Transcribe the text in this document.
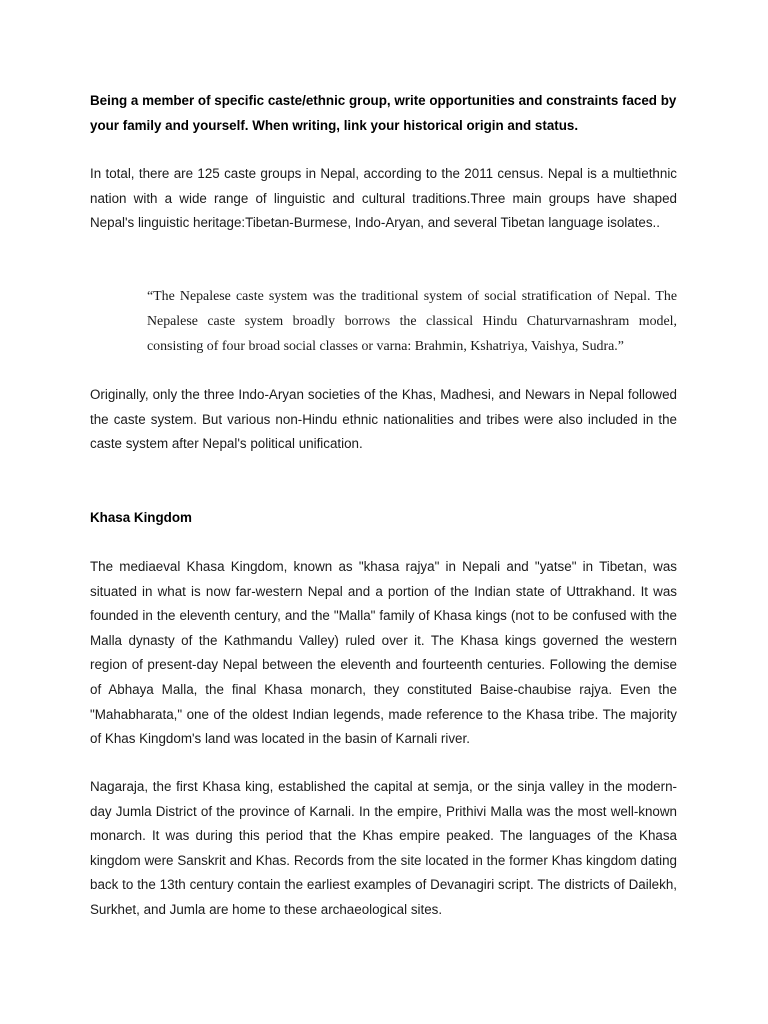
Being a member of specific caste/ethnic group, write opportunities and constraints faced by your family and yourself. When writing, link your historical origin and status.

In total, there are 125 caste groups in Nepal, according to the 2011 census. Nepal is a multiethnic nation with a wide range of linguistic and cultural traditions.Three main groups have shaped Nepal's linguistic heritage:Tibetan-Burmese, Indo-Aryan, and several Tibetan language isolates..

“The Nepalese caste system was the traditional system of social stratification of Nepal. The Nepalese caste system broadly borrows the classical Hindu Chaturvarnashram model, consisting of four broad social classes or varna: Brahmin, Kshatriya, Vaishya, Sudra.”

Originally, only the three Indo-Aryan societies of the Khas, Madhesi, and Newars in Nepal followed the caste system. But various non-Hindu ethnic nationalities and tribes were also included in the caste system after Nepal's political unification.

Khasa Kingdom

The mediaeval Khasa Kingdom, known as "khasa rajya" in Nepali and "yatse" in Tibetan, was situated in what is now far-western Nepal and a portion of the Indian state of Uttrakhand. It was founded in the eleventh century, and the "Malla" family of Khasa kings (not to be confused with the Malla dynasty of the Kathmandu Valley) ruled over it. The Khasa kings governed the western region of present-day Nepal between the eleventh and fourteenth centuries. Following the demise of Abhaya Malla, the final Khasa monarch, they constituted Baise-chaubise rajya. Even the "Mahabharata," one of the oldest Indian legends, made reference to the Khasa tribe. The majority of Khas Kingdom's land was located in the basin of Karnali river.

Nagaraja, the first Khasa king, established the capital at semja, or the sinja valley in the modern-day Jumla District of the province of Karnali. In the empire, Prithivi Malla was the most well-known monarch. It was during this period that the Khas empire peaked. The languages of the Khasa kingdom were Sanskrit and Khas. Records from the site located in the former Khas kingdom dating back to the 13th century contain the earliest examples of Devanagiri script. The districts of Dailekh, Surkhet, and Jumla are home to these archaeological sites.
